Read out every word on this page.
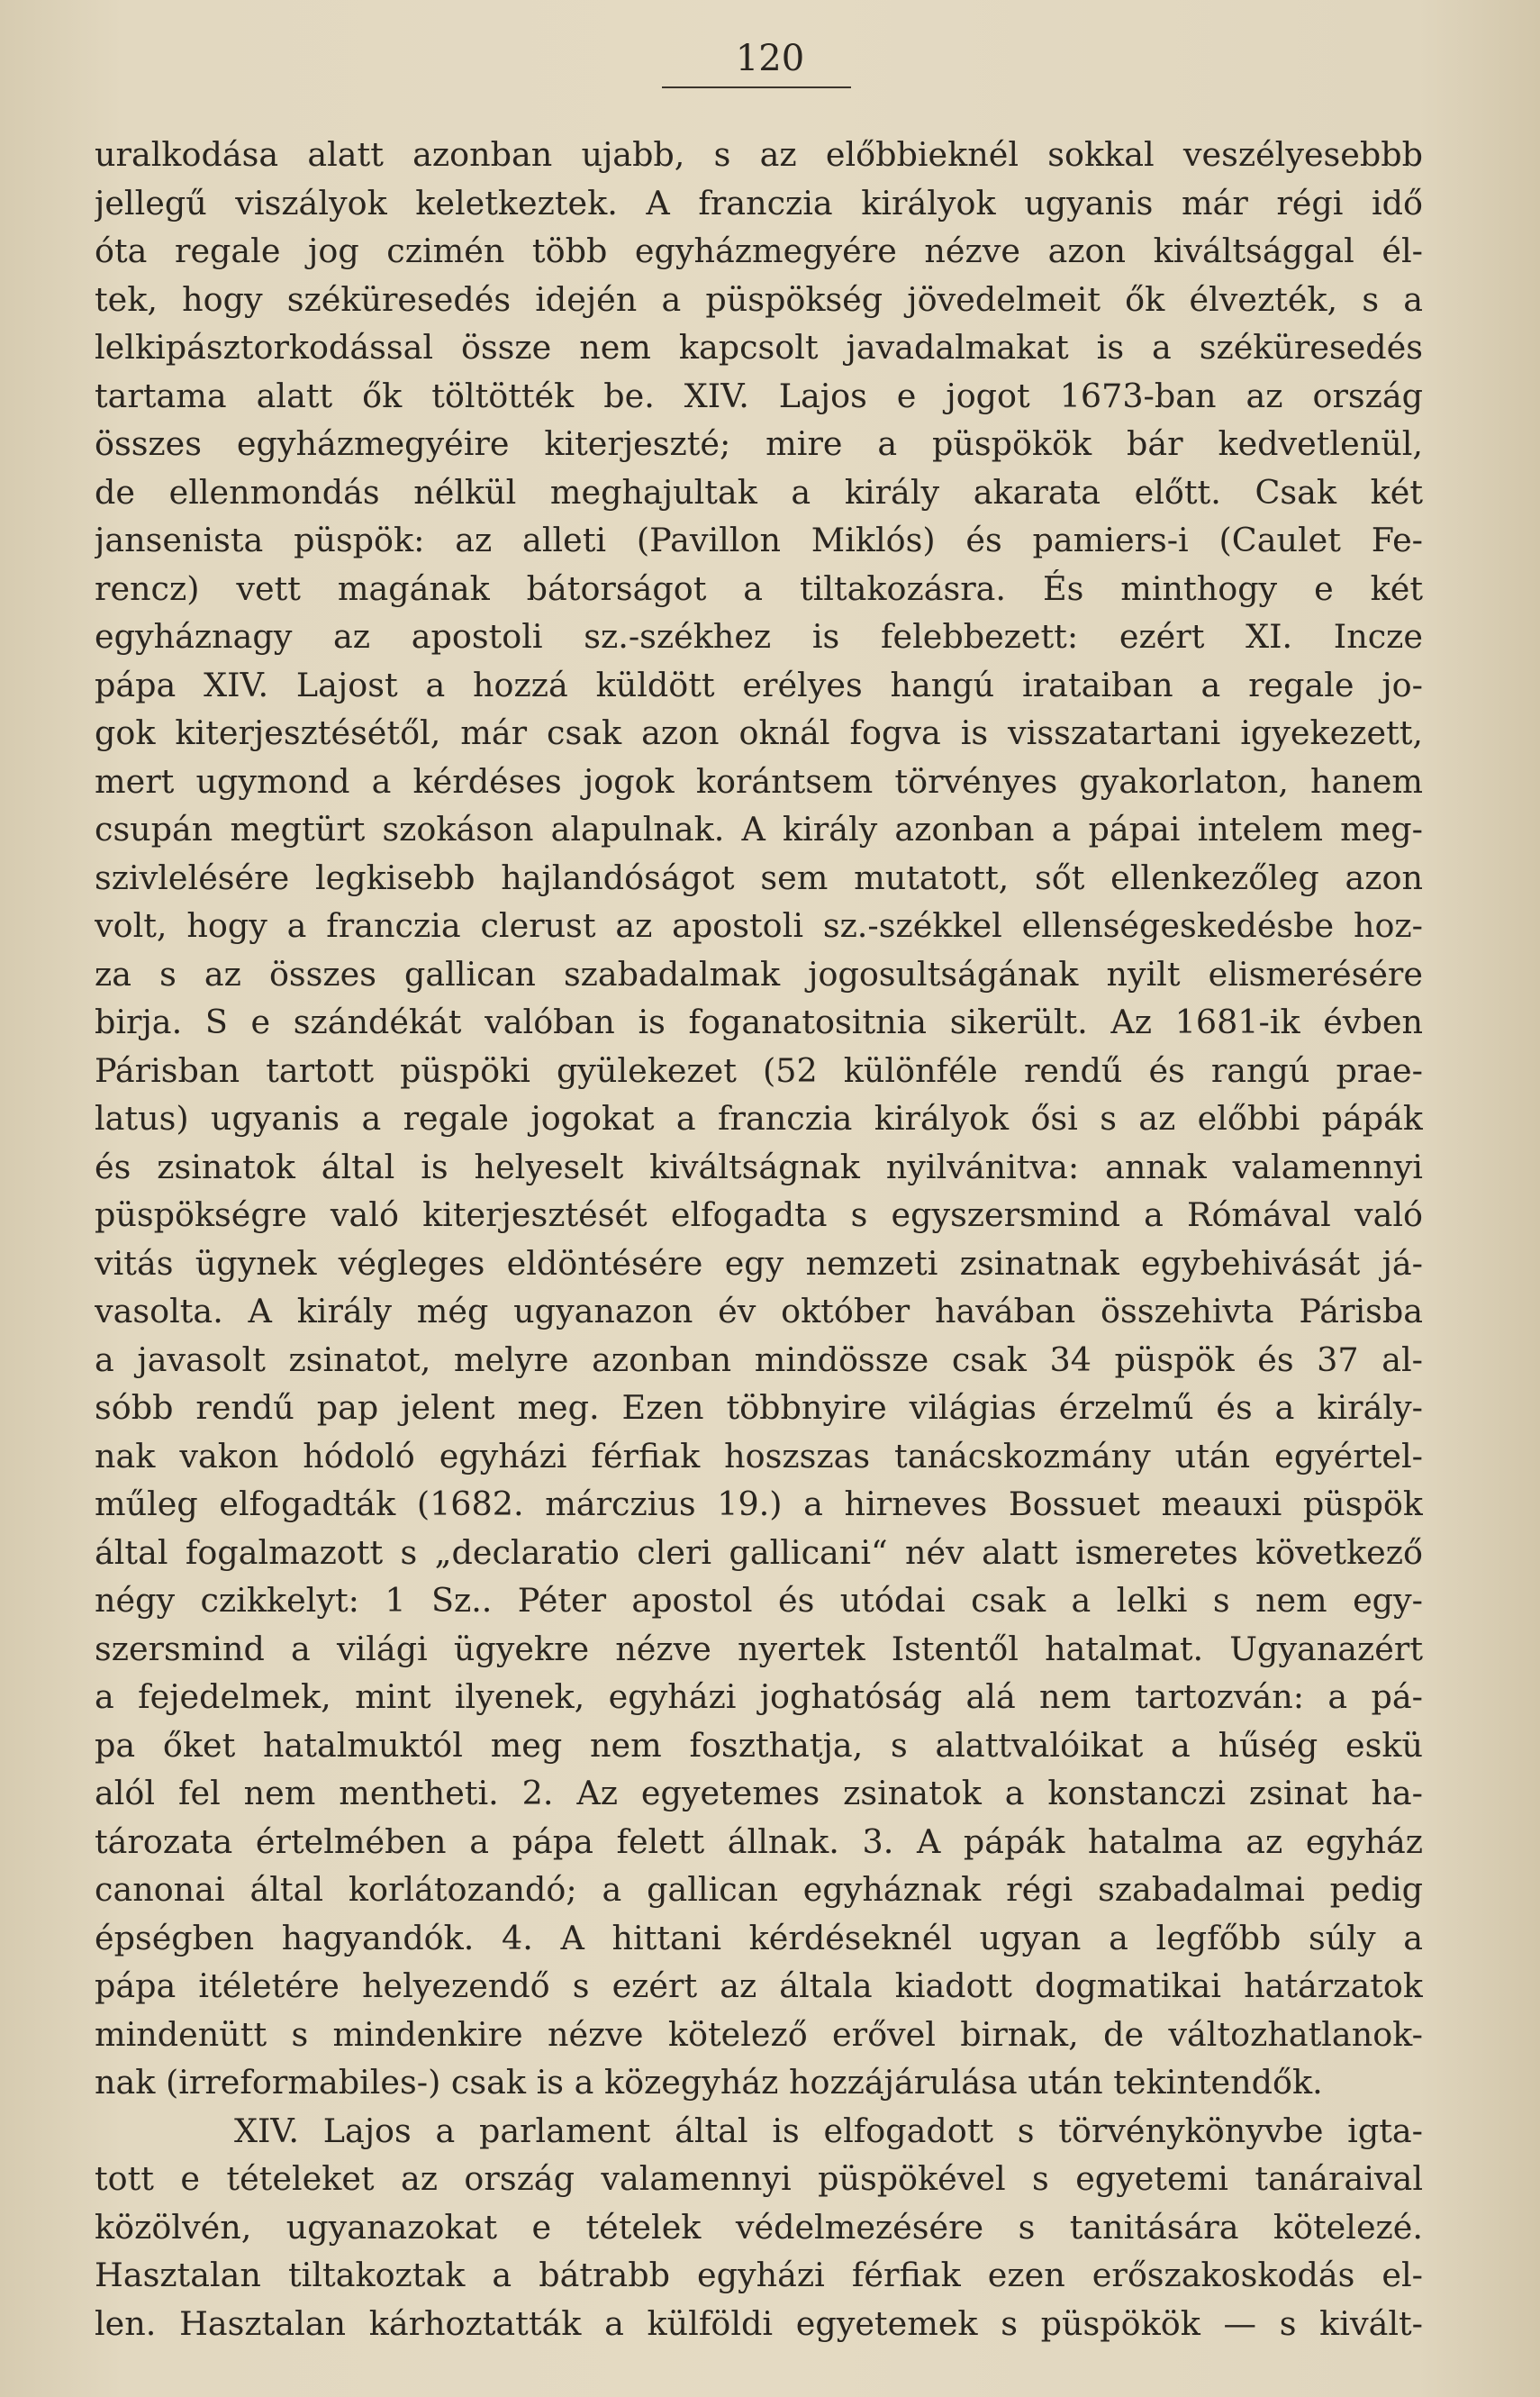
120
uralkodása alatt azonban ujabb, s az előbbieknél sokkal veszélyesebbb
jellegű viszályok keletkeztek. A franczia királyok ugyanis már régi idő
óta regale jog czimén több egyházmegyére nézve azon kiváltsággal él-
tek, hogy széküresedés idején a püspökség jövedelmeit ők élvezték, s a
lelkipásztorkodással össze nem kapcsolt javadalmakat is a széküresedés
tartama alatt ők töltötték be. XIV. Lajos e jogot 1673-ban az ország
összes egyházmegyéire kiterjeszté; mire a püspökök bár kedvetlenül,
de ellenmondás nélkül meghajultak a király akarata előtt. Csak két
jansenista püspök: az alleti (Pavillon Miklós) és pamiers-i (Caulet Fe-
rencz) vett magának bátorságot a tiltakozásra. És minthogy e két
egyháznagy az apostoli sz.-székhez is felebbezett: ezért XI. Incze
pápa XIV. Lajost a hozzá küldött erélyes hangú irataiban a regale jo-
gok kiterjesztésétől, már csak azon oknál fogva is visszatartani igyekezett,
mert ugymond a kérdéses jogok korántsem törvényes gyakorlaton, hanem
csupán megtürt szokáson alapulnak. A király azonban a pápai intelem meg-
szivlelésére legkisebb hajlandóságot sem mutatott, sőt ellenkezőleg azon
volt, hogy a franczia clerust az apostoli sz.-székkel ellenségeskedésbe hoz-
za s az összes gallican szabadalmak jogosultságának nyilt elismerésére
birja. S e szándékát valóban is foganatositnia sikerült. Az 1681-ik évben
Párisban tartott püspöki gyülekezet (52 különféle rendű és rangú prae-
latus) ugyanis a regale jogokat a franczia királyok ősi s az előbbi pápák
és zsinatok által is helyeselt kiváltságnak nyilvánitva: annak valamennyi
püspökségre való kiterjesztését elfogadta s egyszersmind a Rómával való
vitás ügynek végleges eldöntésére egy nemzeti zsinatnak egybehivását já-
vasolta. A király még ugyanazon év október havában összehivta Párisba
a javasolt zsinatot, melyre azonban mindössze csak 34 püspök és 37 al-
sóbb rendű pap jelent meg. Ezen többnyire világias érzelmű és a király-
nak vakon hódoló egyházi férfiak hoszszas tanácskozmány után egyértel-
műleg elfogadták (1682. márczius 19.) a hirneves Bossuet meauxi püspök
által fogalmazott s „declaratio cleri gallicani“ név alatt ismeretes következő
négy czikkelyt: 1 Sz.. Péter apostol és utódai csak a lelki s nem egy-
szersmind a világi ügyekre nézve nyertek Istentől hatalmat. Ugyanazért
a fejedelmek, mint ilyenek, egyházi joghatóság alá nem tartozván: a pá-
pa őket hatalmuktól meg nem foszthatja, s alattvalóikat a hűség eskü
alól fel nem mentheti. 2. Az egyetemes zsinatok a konstanczi zsinat ha-
tározata értelmében a pápa felett állnak. 3. A pápák hatalma az egyház
canonai által korlátozandó; a gallican egyháznak régi szabadalmai pedig
épségben hagyandók. 4. A hittani kérdéseknél ugyan a legfőbb súly a
pápa itéletére helyezendő s ezért az általa kiadott dogmatikai határzatok
mindenütt s mindenkire nézve kötelező erővel birnak, de változhatlanok-
nak (irreformabiles-) csak is a közegyház hozzájárulása után tekintendők.
XIV. Lajos a parlament által is elfogadott s törvénykönyvbe igta-
tott e tételeket az ország valamennyi püspökével s egyetemi tanáraival
közölvén, ugyanazokat e tételek védelmezésére s tanitására kötelezé.
Hasztalan tiltakoztak a bátrabb egyházi férfiak ezen erőszakoskodás el-
len. Hasztalan kárhoztatták a külföldi egyetemek s püspökök — s kivált-
